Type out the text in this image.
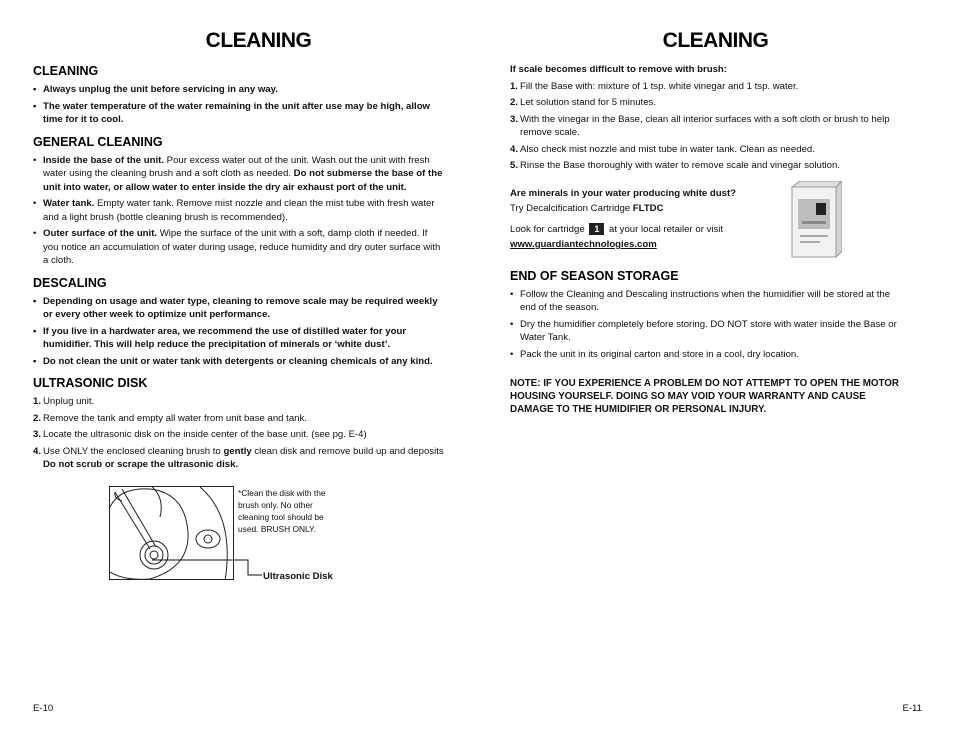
CLEANING
CLEANING
• Always unplug the unit before servicing in any way.
• The water temperature of the water remaining in the unit after use may be high, allow time for it to cool.
GENERAL CLEANING
• Inside the base of the unit. Pour excess water out of the unit. Wash out the unit with fresh water using the cleaning brush and a soft cloth as needed. Do not submerse the base of the unit into water, or allow water to enter inside the dry air exhaust port of the unit.
• Water tank. Empty water tank. Remove mist nozzle and clean the mist tube with fresh water and a light brush (bottle cleaning brush is recommended).
• Outer surface of the unit. Wipe the surface of the unit with a soft, damp cloth if needed. If you notice an accumulation of water during usage, reduce humidity and dry outer surface with a cloth.
DESCALING
• Depending on usage and water type, cleaning to remove scale may be required weekly or every other week to optimize unit performance.
• If you live in a hardwater area, we recommend the use of distilled water for your humidifier. This will help reduce the precipitation of minerals or ‘white dust’.
• Do not clean the unit or water tank with detergents or cleaning chemicals of any kind.
ULTRASONIC DISK
1. Unplug unit.
2. Remove the tank and empty all water from unit base and tank.
3. Locate the ultrasonic disk on the inside center of the base unit. (see pg. E-4)
4. Use ONLY the enclosed cleaning brush to gently clean disk and remove build up and deposits
Do not scrub or scrape the ultrasonic disk.
*Clean the disk with the brush only. No other cleaning tool should be used. BRUSH ONLY.
Ultrasonic Disk
E-10
CLEANING
If scale becomes difficult to remove with brush:
1. Fill the Base with: mixture of 1 tsp. white vinegar and 1 tsp. water.
2. Let solution stand for 5 minutes.
3. With the vinegar in the Base, clean all interior surfaces with a soft cloth or brush to help remove scale.
4. Also check mist nozzle and mist tube in water tank. Clean as needed.
5. Rinse the Base thoroughly with water to remove scale and vinegar solution.

Are minerals in your water producing white dust?

Try Decalcification Cartridge FLTDC

Look for cartridge 1 at your local retailer or visit

www.guardiantechnologies.com

END OF SEASON STORAGE
• Follow the Cleaning and Descaling instructions when the humidifier will be stored at the end of the season.
• Dry the humidifier completely before storing. DO NOT store with water inside the Base or Water Tank.
• Pack the unit in its original carton and store in a cool, dry location.
NOTE: IF YOU EXPERIENCE A PROBLEM DO NOT ATTEMPT TO OPEN THE MOTOR HOUSING YOURSELF. DOING SO MAY VOID YOUR WARRANTY AND CAUSE DAMAGE TO THE HUMIDIFIER OR PERSONAL INJURY.
E-11
